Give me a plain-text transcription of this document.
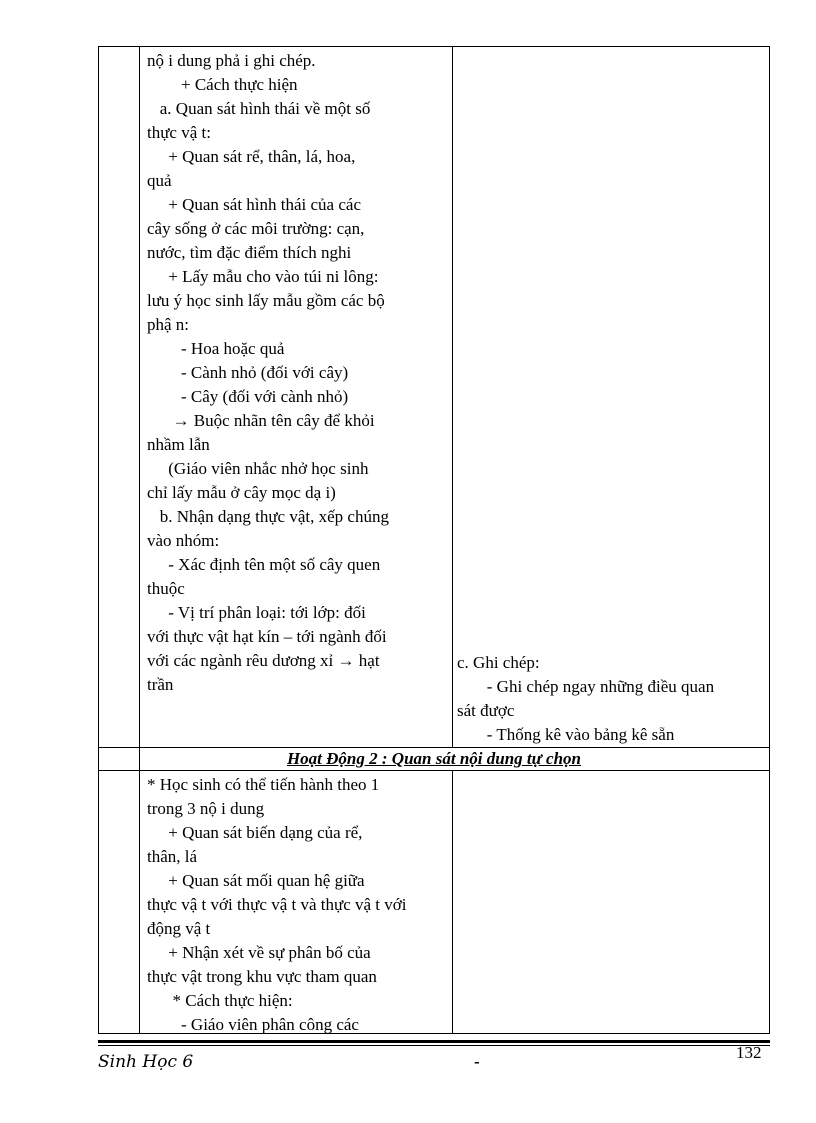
nộ i dung phả i ghi chép.

+ Cách thực hiện

a. Quan sát hình thái về một số

thực vậ t:

+ Quan sát rể, thân, lá, hoa,

quả

+ Quan sát hình thái của các

cây sống ở các môi trường: cạn,

nước, tìm đặc điểm thích nghi

+ Lấy mẫu cho vào túi ni lông:

lưu ý học sinh lấy mẫu gồm các bộ

phậ n:

- Hoa hoặc quả

- Cành nhỏ (đối với cây)

- Cây (đối với cành nhỏ)

→ Buộc nhãn tên cây để khỏi

nhầm lẫn

(Giáo viên nhắc nhở học sinh

chỉ lấy mẫu ở cây mọc dạ i)

b. Nhận dạng thực vật, xếp chúng

vào nhóm:

- Xác định tên một số cây quen

thuộc

- Vị trí phân loại: tới lớp: đối

với thực vật hạt kín – tới ngành đối

với các ngành rêu dương xỉ → hạt

trần

c. Ghi chép:

- Ghi chép ngay những điều quan

sát được

- Thống kê vào bảng kê sẵn

Hoạt Động 2 : Quan sát nội dung tự chọn

* Học sinh có thể tiến hành theo 1

trong 3 nộ i dung

+ Quan sát biến dạng của rể,

thân, lá

+ Quan sát mối quan hệ giữa

thực vậ t với thực vậ t và thực vậ t với

động vậ t

+ Nhận xét về sự phân bố của

thực vật trong khu vực tham quan

* Cách thực hiện:

- Giáo viên phân công các

Sinh Học 6	-	132
